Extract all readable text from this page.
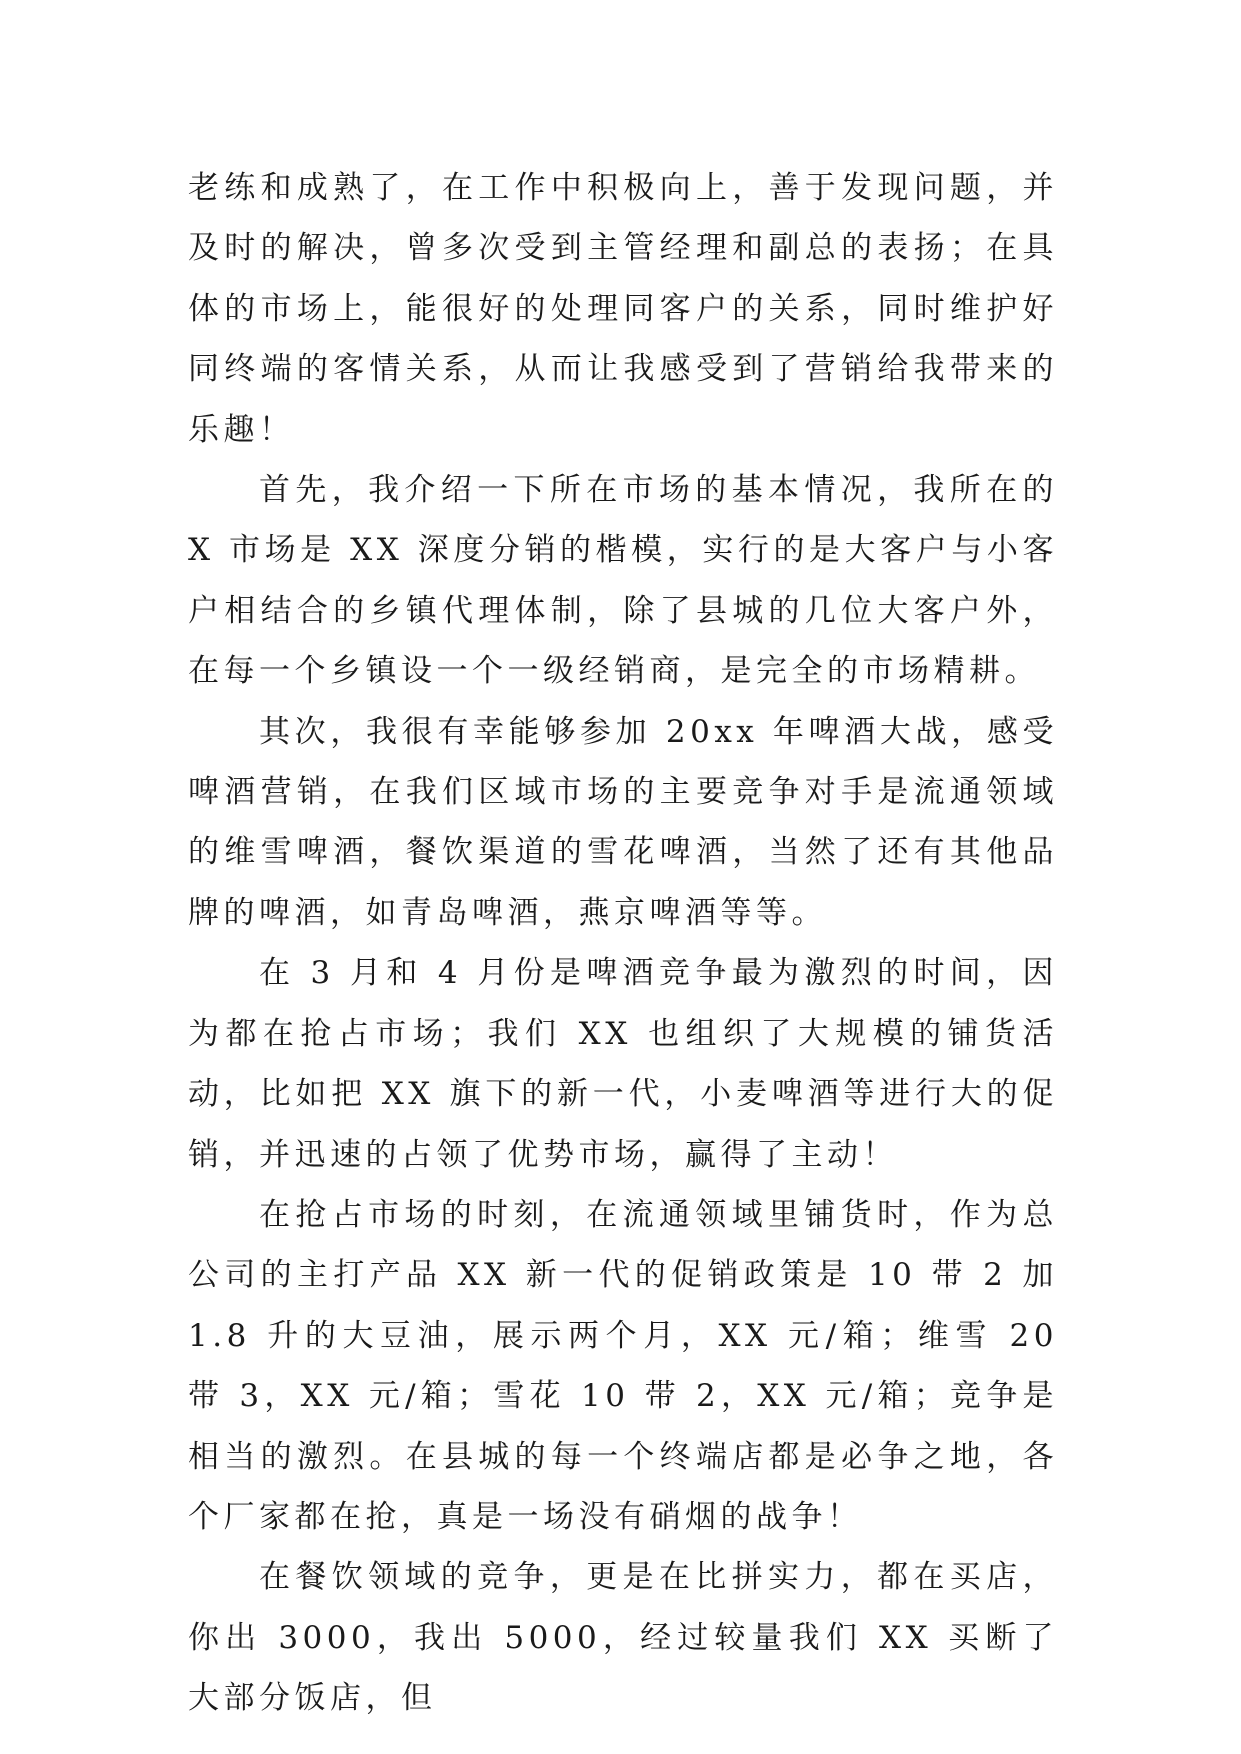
老练和成熟了，在工作中积极向上，善于发现问题，并及时的解决，曾多次受到主管经理和副总的表扬；在具体的市场上，能很好的处理同客户的关系，同时维护好同终端的客情关系，从而让我感受到了营销给我带来的乐趣！

首先，我介绍一下所在市场的基本情况，我所在的 X 市场是 XX 深度分销的楷模，实行的是大客户与小客户相结合的乡镇代理体制，除了县城的几位大客户外，在每一个乡镇设一个一级经销商，是完全的市场精耕。

其次，我很有幸能够参加 20xx 年啤酒大战，感受啤酒营销，在我们区域市场的主要竞争对手是流通领域的维雪啤酒，餐饮渠道的雪花啤酒，当然了还有其他品牌的啤酒，如青岛啤酒，燕京啤酒等等。

在 3 月和 4 月份是啤酒竞争最为激烈的时间，因为都在抢占市场；我们 XX 也组织了大规模的铺货活动，比如把 XX 旗下的新一代，小麦啤酒等进行大的促销，并迅速的占领了优势市场，赢得了主动！

在抢占市场的时刻，在流通领域里铺货时，作为总公司的主打产品 XX 新一代的促销政策是 10 带 2 加 1.8 升的大豆油，展示两个月，XX 元/箱；维雪 20 带 3，XX 元/箱；雪花 10 带 2，XX 元/箱；竞争是相当的激烈。在县城的每一个终端店都是必争之地，各个厂家都在抢，真是一场没有硝烟的战争！

在餐饮领域的竞争，更是在比拼实力，都在买店，你出 3000，我出 5000，经过较量我们 XX 买断了大部分饭店，但
